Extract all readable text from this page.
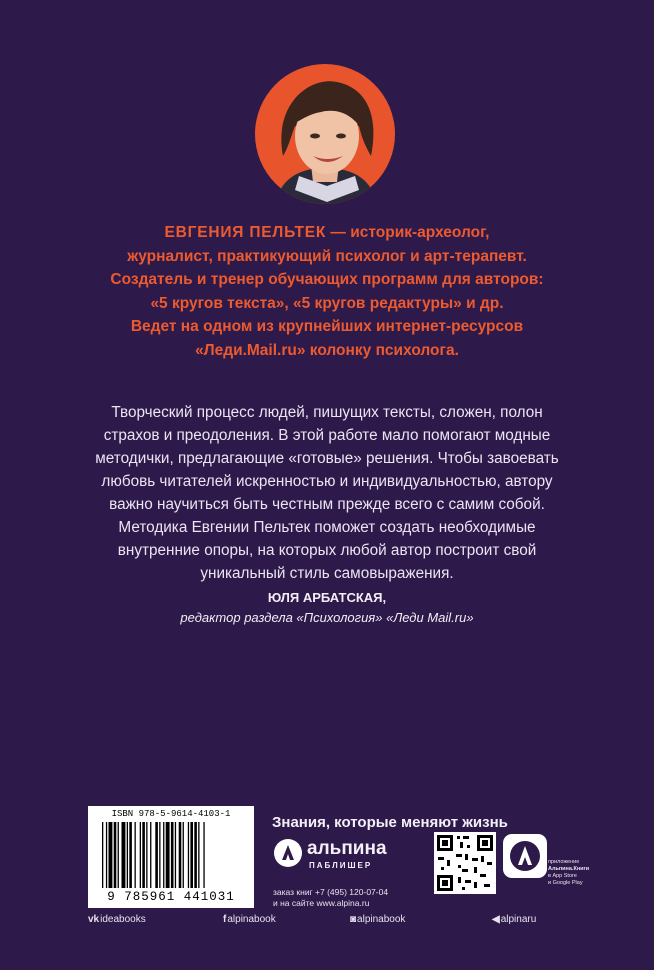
ЕВГЕНИЯ ПЕЛЬТЕК — историк-археолог,
журналист, практикующий психолог и арт-терапевт.
Создатель и тренер обучающих программ для авторов:
«5 кругов текста», «5 кругов редактуры» и др.
Ведет на одном из крупнейших интернет-ресурсов
«Леди.Mail.ru» колонку психолога.
Творческий процесс людей, пишущих тексты, сложен, полон
страхов и преодоления. В этой работе мало помогают модные
методички, предлагающие «готовые» решения. Чтобы завоевать
любовь читателей искренностью и индивидуальностью, автору
важно научиться быть честным прежде всего с самим собой.
Методика Евгении Пельтек поможет создать необходимые
внутренние опоры, на которых любой автор построит свой
уникальный стиль самовыражения.
ЮЛЯ АРБАТСКАЯ,
редактор раздела «Психология» «Леди Mail.ru»
ISBN 978-5-9614-4103-1
9 785961 441031
Знания, которые меняют жизнь
альпина
ПАБЛИШЕР
заказ книг +7 (495) 120-07-04
и на сайте www.alpina.ru
приложение
Альпина.Книги
в App Store
и Google Play
vkideabooks	falpinabook	◙alpinabook	◀alpinaru
